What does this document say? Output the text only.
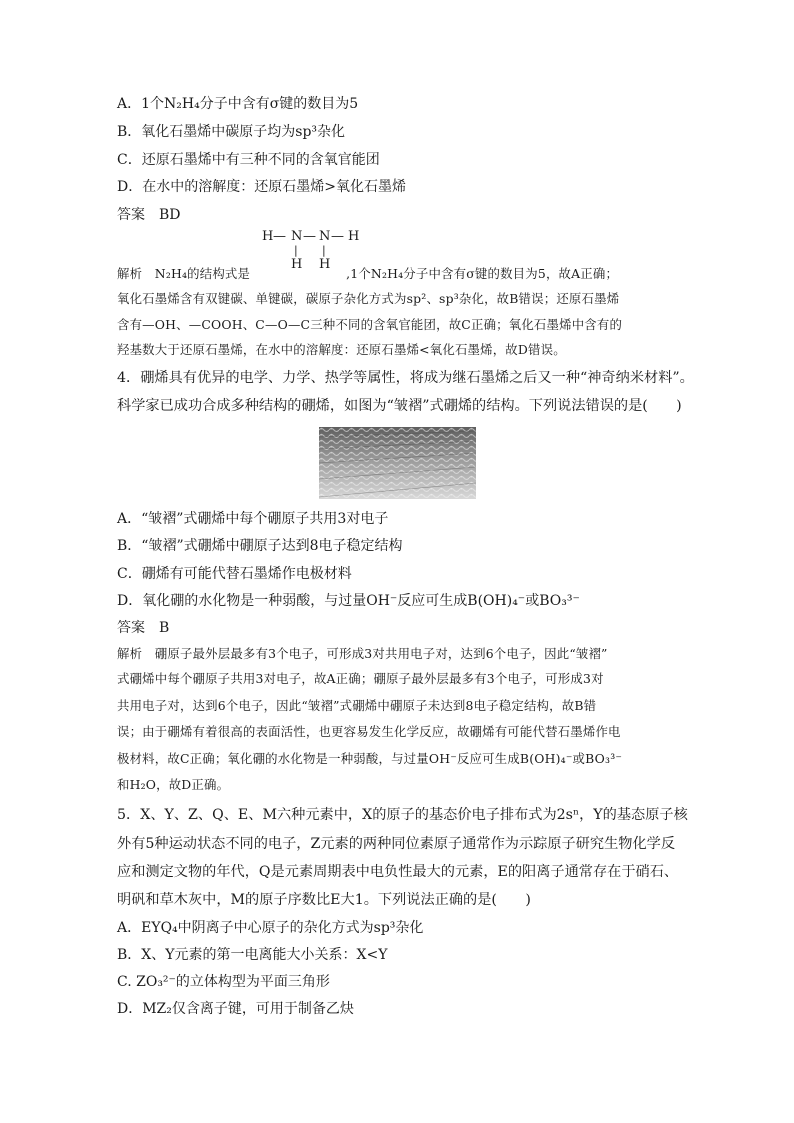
A．1个N₂H₄分子中含有σ键的数目为5
B．氧化石墨烯中碳原子均为sp³杂化
C．还原石墨烯中有三种不同的含氧官能团
D．在水中的溶解度：还原石墨烯>氧化石墨烯
答案 BD
H — N — N — H
| |
H H
解析　N₂H₄的结构式是	,1个N₂H₄分子中含有σ键的数目为5，故A正确；
氧化石墨烯含有双键碳、单键碳，碳原子杂化方式为sp²、sp³杂化，故B错误；还原石墨烯
含有—OH、—COOH、C—O—C三种不同的含氧官能团，故C正确；氧化石墨烯中含有的
羟基数大于还原石墨烯，在水中的溶解度：还原石墨烯<氧化石墨烯，故D错误。
4．硼烯具有优异的电学、力学、热学等属性，将成为继石墨烯之后又一种“神奇纳米材料”。
科学家已成功合成多种结构的硼烯，如图为“皱褶”式硼烯的结构。下列说法错误的是(　　)
A．“皱褶”式硼烯中每个硼原子共用3对电子
B．“皱褶”式硼烯中硼原子达到8电子稳定结构
C．硼烯有可能代替石墨烯作电极材料
D．氧化硼的水化物是一种弱酸，与过量OH⁻反应可生成B(OH)₄⁻或BO₃³⁻
答案 B
解析　硼原子最外层最多有3个电子，可形成3对共用电子对，达到6个电子，因此“皱褶”
式硼烯中每个硼原子共用3对电子，故A正确；硼原子最外层最多有3个电子，可形成3对
共用电子对，达到6个电子，因此“皱褶”式硼烯中硼原子未达到8电子稳定结构，故B错
误；由于硼烯有着很高的表面活性，也更容易发生化学反应，故硼烯有可能代替石墨烯作电
极材料，故C正确；氧化硼的水化物是一种弱酸，与过量OH⁻反应可生成B(OH)₄⁻或BO₃³⁻
和H₂O，故D正确。
5．X、Y、Z、Q、E、M六种元素中，X的原子的基态价电子排布式为2sⁿ，Y的基态原子核
外有5种运动状态不同的电子，Z元素的两种同位素原子通常作为示踪原子研究生物化学反
应和测定文物的年代，Q是元素周期表中电负性最大的元素，E的阳离子通常存在于硝石、
明矾和草木灰中，M的原子序数比E大1。下列说法正确的是(　　)
A．EYQ₄中阴离子中心原子的杂化方式为sp³杂化
B．X、Y元素的第一电离能大小关系：X<Y
C. ZO₃²⁻的立体构型为平面三角形
D．MZ₂仅含离子键，可用于制备乙炔
